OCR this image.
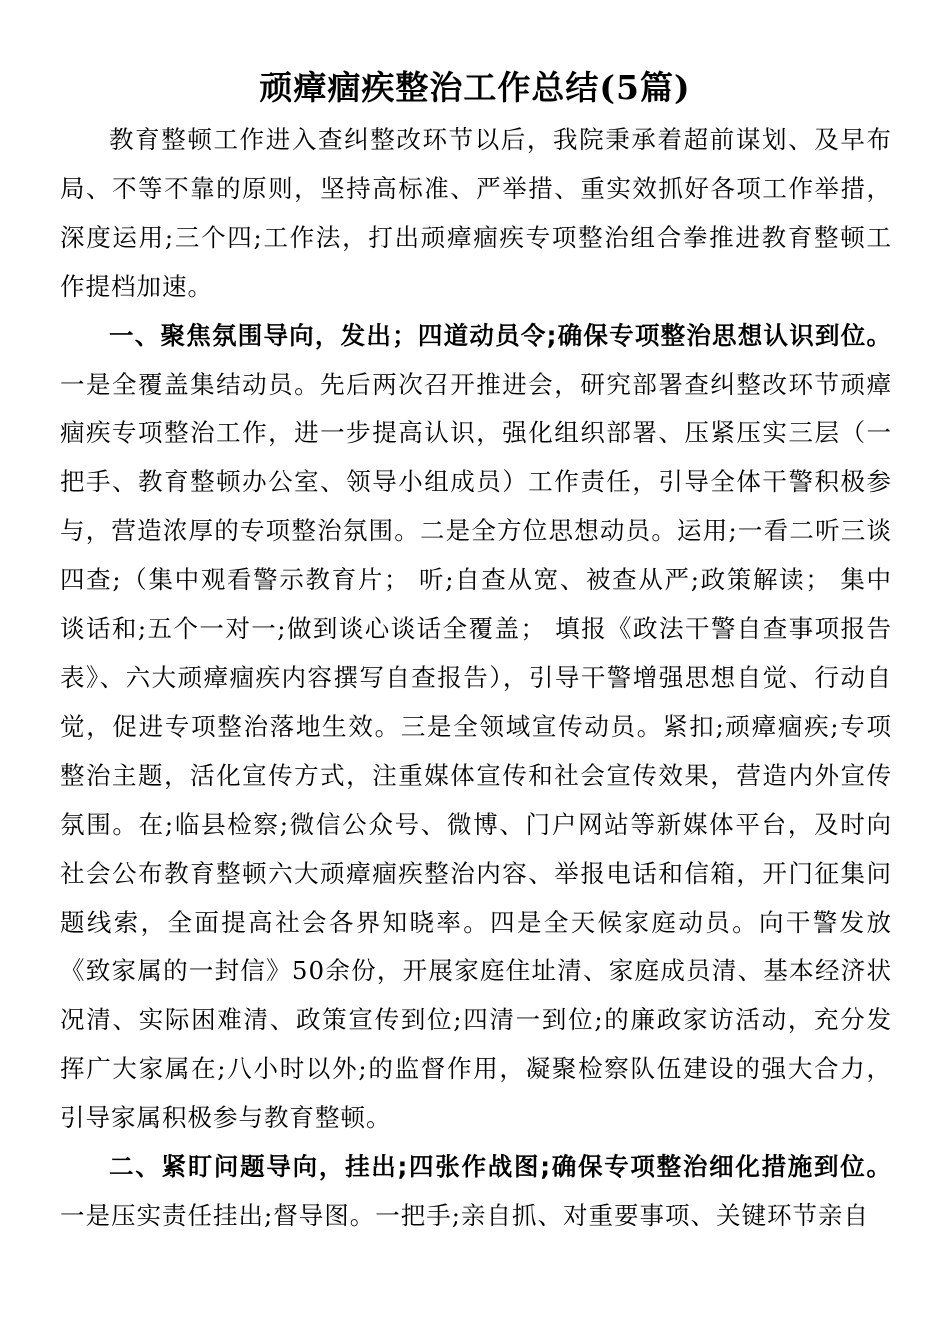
顽瘴痼疾整治工作总结(5篇)

教育整顿工作进入查纠整改环节以后，我院秉承着超前谋划、及早布局、不等不靠的原则，坚持高标准、严举措、重实效抓好各项工作举措，深度运用;三个四;工作法，打出顽瘴痼疾专项整治组合拳推进教育整顿工作提档加速。

一、聚焦氛围导向，发出；四道动员令;确保专项整治思想认识到位。一是全覆盖集结动员。先后两次召开推进会，研究部署查纠整改环节顽瘴痼疾专项整治工作，进一步提高认识，强化组织部署、压紧压实三层（一把手、教育整顿办公室、领导小组成员）工作责任，引导全体干警积极参与，营造浓厚的专项整治氛围。二是全方位思想动员。运用;一看二听三谈四查;（集中观看警示教育片； 听;自查从宽、被查从严;政策解读； 集中谈话和;五个一对一;做到谈心谈话全覆盖； 填报《政法干警自查事项报告表》、六大顽瘴痼疾内容撰写自查报告），引导干警增强思想自觉、行动自觉，促进专项整治落地生效。三是全领域宣传动员。紧扣;顽瘴痼疾;专项整治主题，活化宣传方式，注重媒体宣传和社会宣传效果，营造内外宣传氛围。在;临县检察;微信公众号、微博、门户网站等新媒体平台，及时向社会公布教育整顿六大顽瘴痼疾整治内容、举报电话和信箱，开门征集问题线索，全面提高社会各界知晓率。四是全天候家庭动员。向干警发放《致家属的一封信》50余份，开展家庭住址清、家庭成员清、基本经济状况清、实际困难清、政策宣传到位;四清一到位;的廉政家访活动，充分发挥广大家属在;八小时以外;的监督作用，凝聚检察队伍建设的强大合力，引导家属积极参与教育整顿。

二、紧盯问题导向，挂出;四张作战图;确保专项整治细化措施到位。一是压实责任挂出;督导图。一把手;亲自抓、对重要事项、关键环节亲自
